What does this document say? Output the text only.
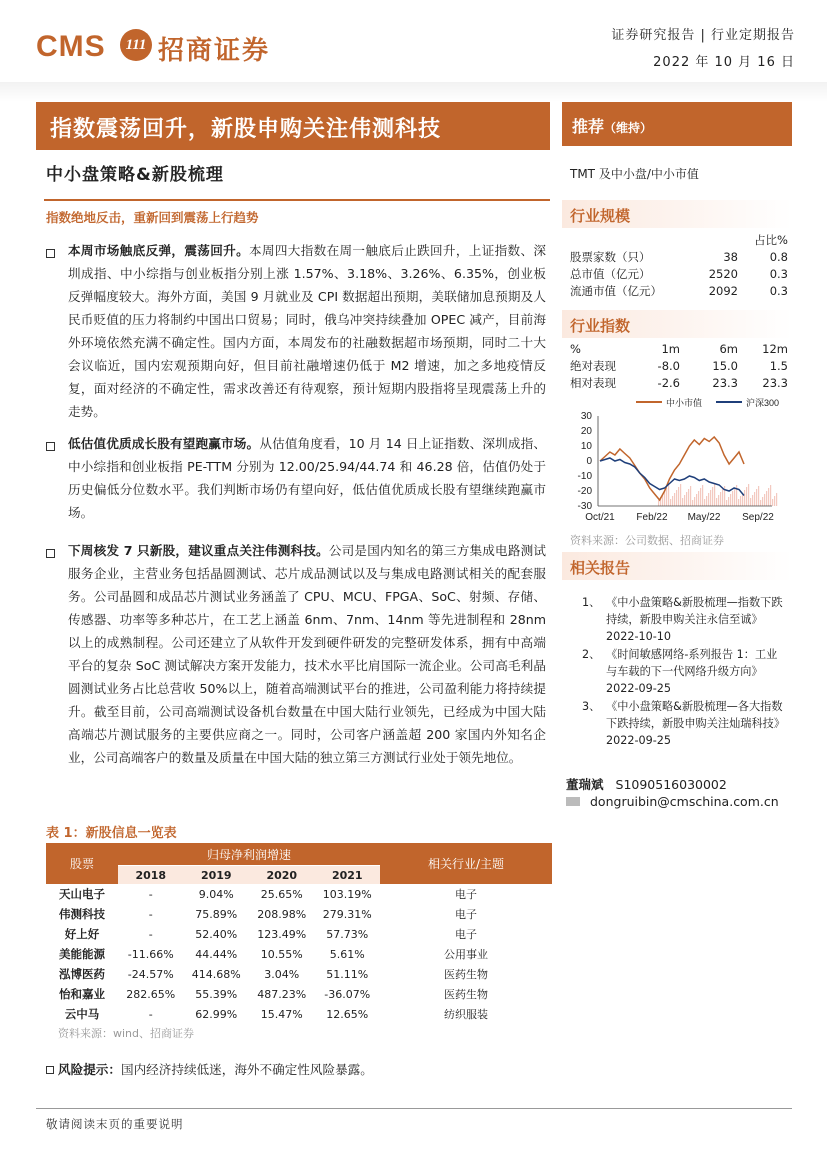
CMS	111 招商证券
证券研究报告 | 行业定期报告
2022 年 10 月 16 日
指数震荡回升，新股申购关注伟测科技
中小盘策略&新股梳理
指数绝地反击，重新回到震荡上行趋势
本周市场触底反弹，震荡回升。本周四大指数在周一触底后止跌回升，上证指数、深圳成指、中小综指与创业板指分别上涨 1.57%、3.18%、3.26%、6.35%，创业板反弹幅度较大。海外方面，美国 9 月就业及 CPI 数据超出预期，美联储加息预期及人民币贬值的压力将制约中国出口贸易；同时，俄乌冲突持续叠加 OPEC 减产，目前海外环境依然充满不确定性。国内方面，本周发布的社融数据超市场预期，同时二十大会议临近，国内宏观预期向好，但目前社融增速仍低于 M2 增速，加之多地疫情反复，面对经济的不确定性，需求改善还有待观察，预计短期内股指将呈现震荡上升的走势。
低估值优质成长股有望跑赢市场。从估值角度看，10 月 14 日上证指数、深圳成指、中小综指和创业板指 PE-TTM 分别为 12.00/25.94/44.74 和 46.28 倍，估值仍处于历史偏低分位数水平。我们判断市场仍有望向好，低估值优质成长股有望继续跑赢市场。
下周核发 7 只新股，建议重点关注伟测科技。公司是国内知名的第三方集成电路测试服务企业，主营业务包括晶圆测试、芯片成品测试以及与集成电路测试相关的配套服务。公司晶圆和成品芯片测试业务涵盖了 CPU、MCU、FPGA、SoC、射频、存储、传感器、功率等多种芯片，在工艺上涵盖 6nm、7nm、14nm 等先进制程和 28nm 以上的成熟制程。公司还建立了从软件开发到硬件研发的完整研发体系，拥有中高端平台的复杂 SoC 测试解决方案开发能力，技术水平比肩国际一流企业。公司高毛利晶圆测试业务占比总营收 50%以上，随着高端测试平台的推进，公司盈利能力将持续提升。截至目前，公司高端测试设备机台数量在中国大陆行业领先，已经成为中国大陆高端芯片测试服务的主要供应商之一。同时，公司客户涵盖超 200 家国内外知名企业，公司高端客户的数量及质量在中国大陆的独立第三方测试行业处于领先地位。
表 1：新股信息一览表
股票	归母净利润增速				相关行业/主题
	2018	2019	2020	2021	
天山电子	-	9.04%	25.65%	103.19%	电子
伟测科技	-	75.89%	208.98%	279.31%	电子
好上好	-	52.40%	123.49%	57.73%	电子
美能能源	-11.66%	44.44%	10.55%	5.61%	公用事业
泓博医药	-24.57%	414.68%	3.04%	51.11%	医药生物
怡和嘉业	282.65%	55.39%	487.23%	-36.07%	医药生物
云中马	-	62.99%	15.47%	12.65%	纺织服装
资料来源：wind、招商证券
风险提示：国内经济持续低迷，海外不确定性风险暴露。
敬请阅读末页的重要说明
推荐（维持）
TMT 及中小盘/中小市值
行业规模
		占比%
股票家数（只）	38	0.8
总市值（亿元）	2520	0.3
流通市值（亿元）	2092	0.3
行业指数
%	1m	6m	12m
绝对表现	-8.0	15.0	1.5
相对表现	-2.6	23.3	23.3
30
20
10
0
-10
-20
-30
Oct/21 Feb/22 May/22 Sep/22
中小市值	沪深300
资料来源：公司数据、招商证券
相关报告
1、 《中小盘策略&新股梳理—指数下跌持续，新股申购关注永信至诚》2022-10-10
2、 《时间敏感网络-系列报告 1：工业与车载的下一代网络升级方向》2022-09-25
3、 《中小盘策略&新股梳理—各大指数下跌持续，新股申购关注灿瑞科技》2022-09-25
董瑞斌 S1090516030002
dongruibin@cmschina.com.cn
